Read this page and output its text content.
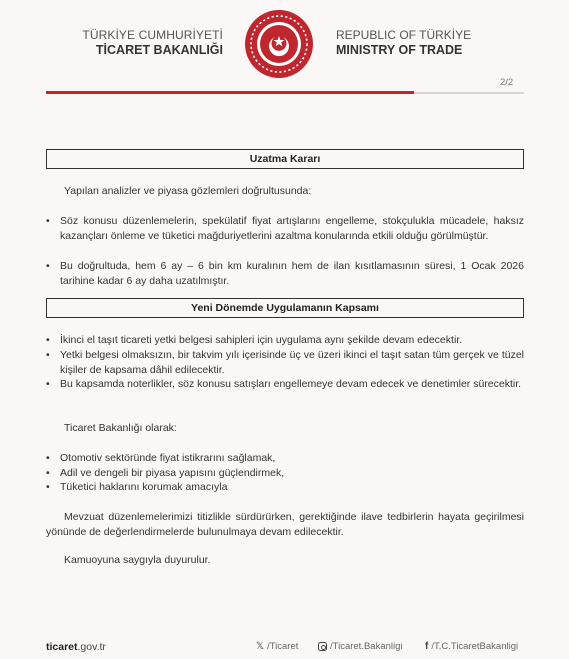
TÜRKİYE CUMHURİYETİ
TİCARET BAKANLIĞI
REPUBLIC OF TÜRKİYE
MINISTRY OF TRADE
2/2
Uzatma Kararı
Yapılan analizler ve piyasa gözlemleri doğrultusunda:
• Söz konusu düzenlemelerin, spekülatif fiyat artışlarını engelleme, stokçulukla mücadele, haksız kazançları önleme ve tüketici mağduriyetlerini azaltma konularında etkili olduğu görülmüştür.
• Bu doğrultuda, hem 6 ay – 6 bin km kuralının hem de ilan kısıtlamasının süresi, 1 Ocak 2026 tarihine kadar 6 ay daha uzatılmıştır.
Yeni Dönemde Uygulamanın Kapsamı
• İkinci el taşıt ticareti yetki belgesi sahipleri için uygulama aynı şekilde devam edecektir.
• Yetki belgesi olmaksızın, bir takvim yılı içerisinde üç ve üzeri ikinci el taşıt satan tüm gerçek ve tüzel kişiler de kapsama dâhil edilecektir.
• Bu kapsamda noterlikler, söz konusu satışları engellemeye devam edecek ve denetimler sürecektir.
Ticaret Bakanlığı olarak:
• Otomotiv sektöründe fiyat istikrarını sağlamak,
• Adil ve dengeli bir piyasa yapısını güçlendirmek,
• Tüketici haklarını korumak amacıyla
Mevzuat düzenlemelerimizi titizlikle sürdürürken, gerektiğinde ilave tedbirlerin hayata geçirilmesi yönünde de değerlendirmelerde bulunulmaya devam edilecektir.
Kamuoyuna saygıyla duyurulur.
ticaret.gov.tr	𝕏 /Ticaret	/Ticaret.Bakanligi f /T.C.TicaretBakanligi
